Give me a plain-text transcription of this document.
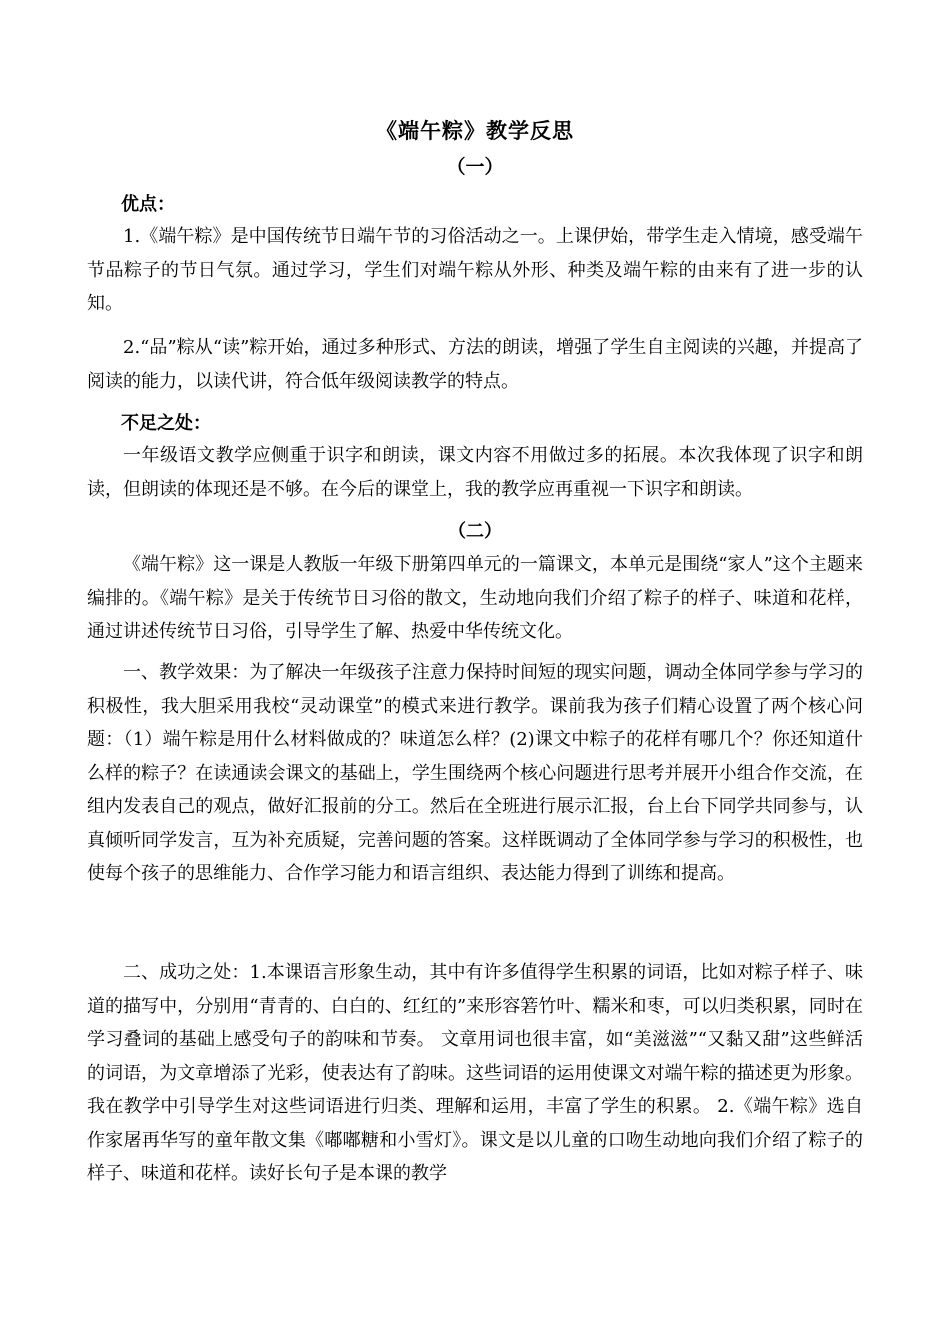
《端午粽》教学反思
（一）
优点：

1.《端午粽》是中国传统节日端午节的习俗活动之一。上课伊始，带学生走入情境，感受端午节品粽子的节日气氛。通过学习，学生们对端午粽从外形、种类及端午粽的由来有了进一步的认知。

2.“品”粽从“读”粽开始，通过多种形式、方法的朗读，增强了学生自主阅读的兴趣，并提高了阅读的能力，以读代讲，符合低年级阅读教学的特点。

不足之处：

一年级语文教学应侧重于识字和朗读，课文内容不用做过多的拓展。本次我体现了识字和朗读，但朗读的体现还是不够。在今后的课堂上，我的教学应再重视一下识字和朗读。

（二）

《端午粽》这一课是人教版一年级下册第四单元的一篇课文，本单元是围绕“家人”这个主题来编排的。《端午粽》是关于传统节日习俗的散文，生动地向我们介绍了粽子的样子、味道和花样，通过讲述传统节日习俗，引导学生了解、热爱中华传统文化。

一、教学效果：为了解决一年级孩子注意力保持时间短的现实问题，调动全体同学参与学习的积极性，我大胆采用我校“灵动课堂”的模式来进行教学。课前我为孩子们精心设置了两个核心问题：（1）端午粽是用什么材料做成的？味道怎么样？(2)课文中粽子的花样有哪几个？你还知道什么样的粽子？在读通读会课文的基础上，学生围绕两个核心问题进行思考并展开小组合作交流，在组内发表自己的观点，做好汇报前的分工。然后在全班进行展示汇报，台上台下同学共同参与，认真倾听同学发言，互为补充质疑，完善问题的答案。这样既调动了全体同学参与学习的积极性，也使每个孩子的思维能力、合作学习能力和语言组织、表达能力得到了训练和提高。

二、成功之处：1.本课语言形象生动，其中有许多值得学生积累的词语，比如对粽子样子、味道的描写中，分别用“青青的、白白的、红红的”来形容箬竹叶、糯米和枣，可以归类积累，同时在学习叠词的基础上感受句子的韵味和节奏。 文章用词也很丰富，如“美滋滋”“又黏又甜”这些鲜活的词语，为文章增添了光彩，使表达有了韵味。这些词语的运用使课文对端午粽的描述更为形象。我在教学中引导学生对这些词语进行归类、理解和运用，丰富了学生的积累。 2.《端午粽》选自作家屠再华写的童年散文集《嘟嘟糖和小雪灯》。课文是以儿童的口吻生动地向我们介绍了粽子的样子、味道和花样。读好长句子是本课的教学
